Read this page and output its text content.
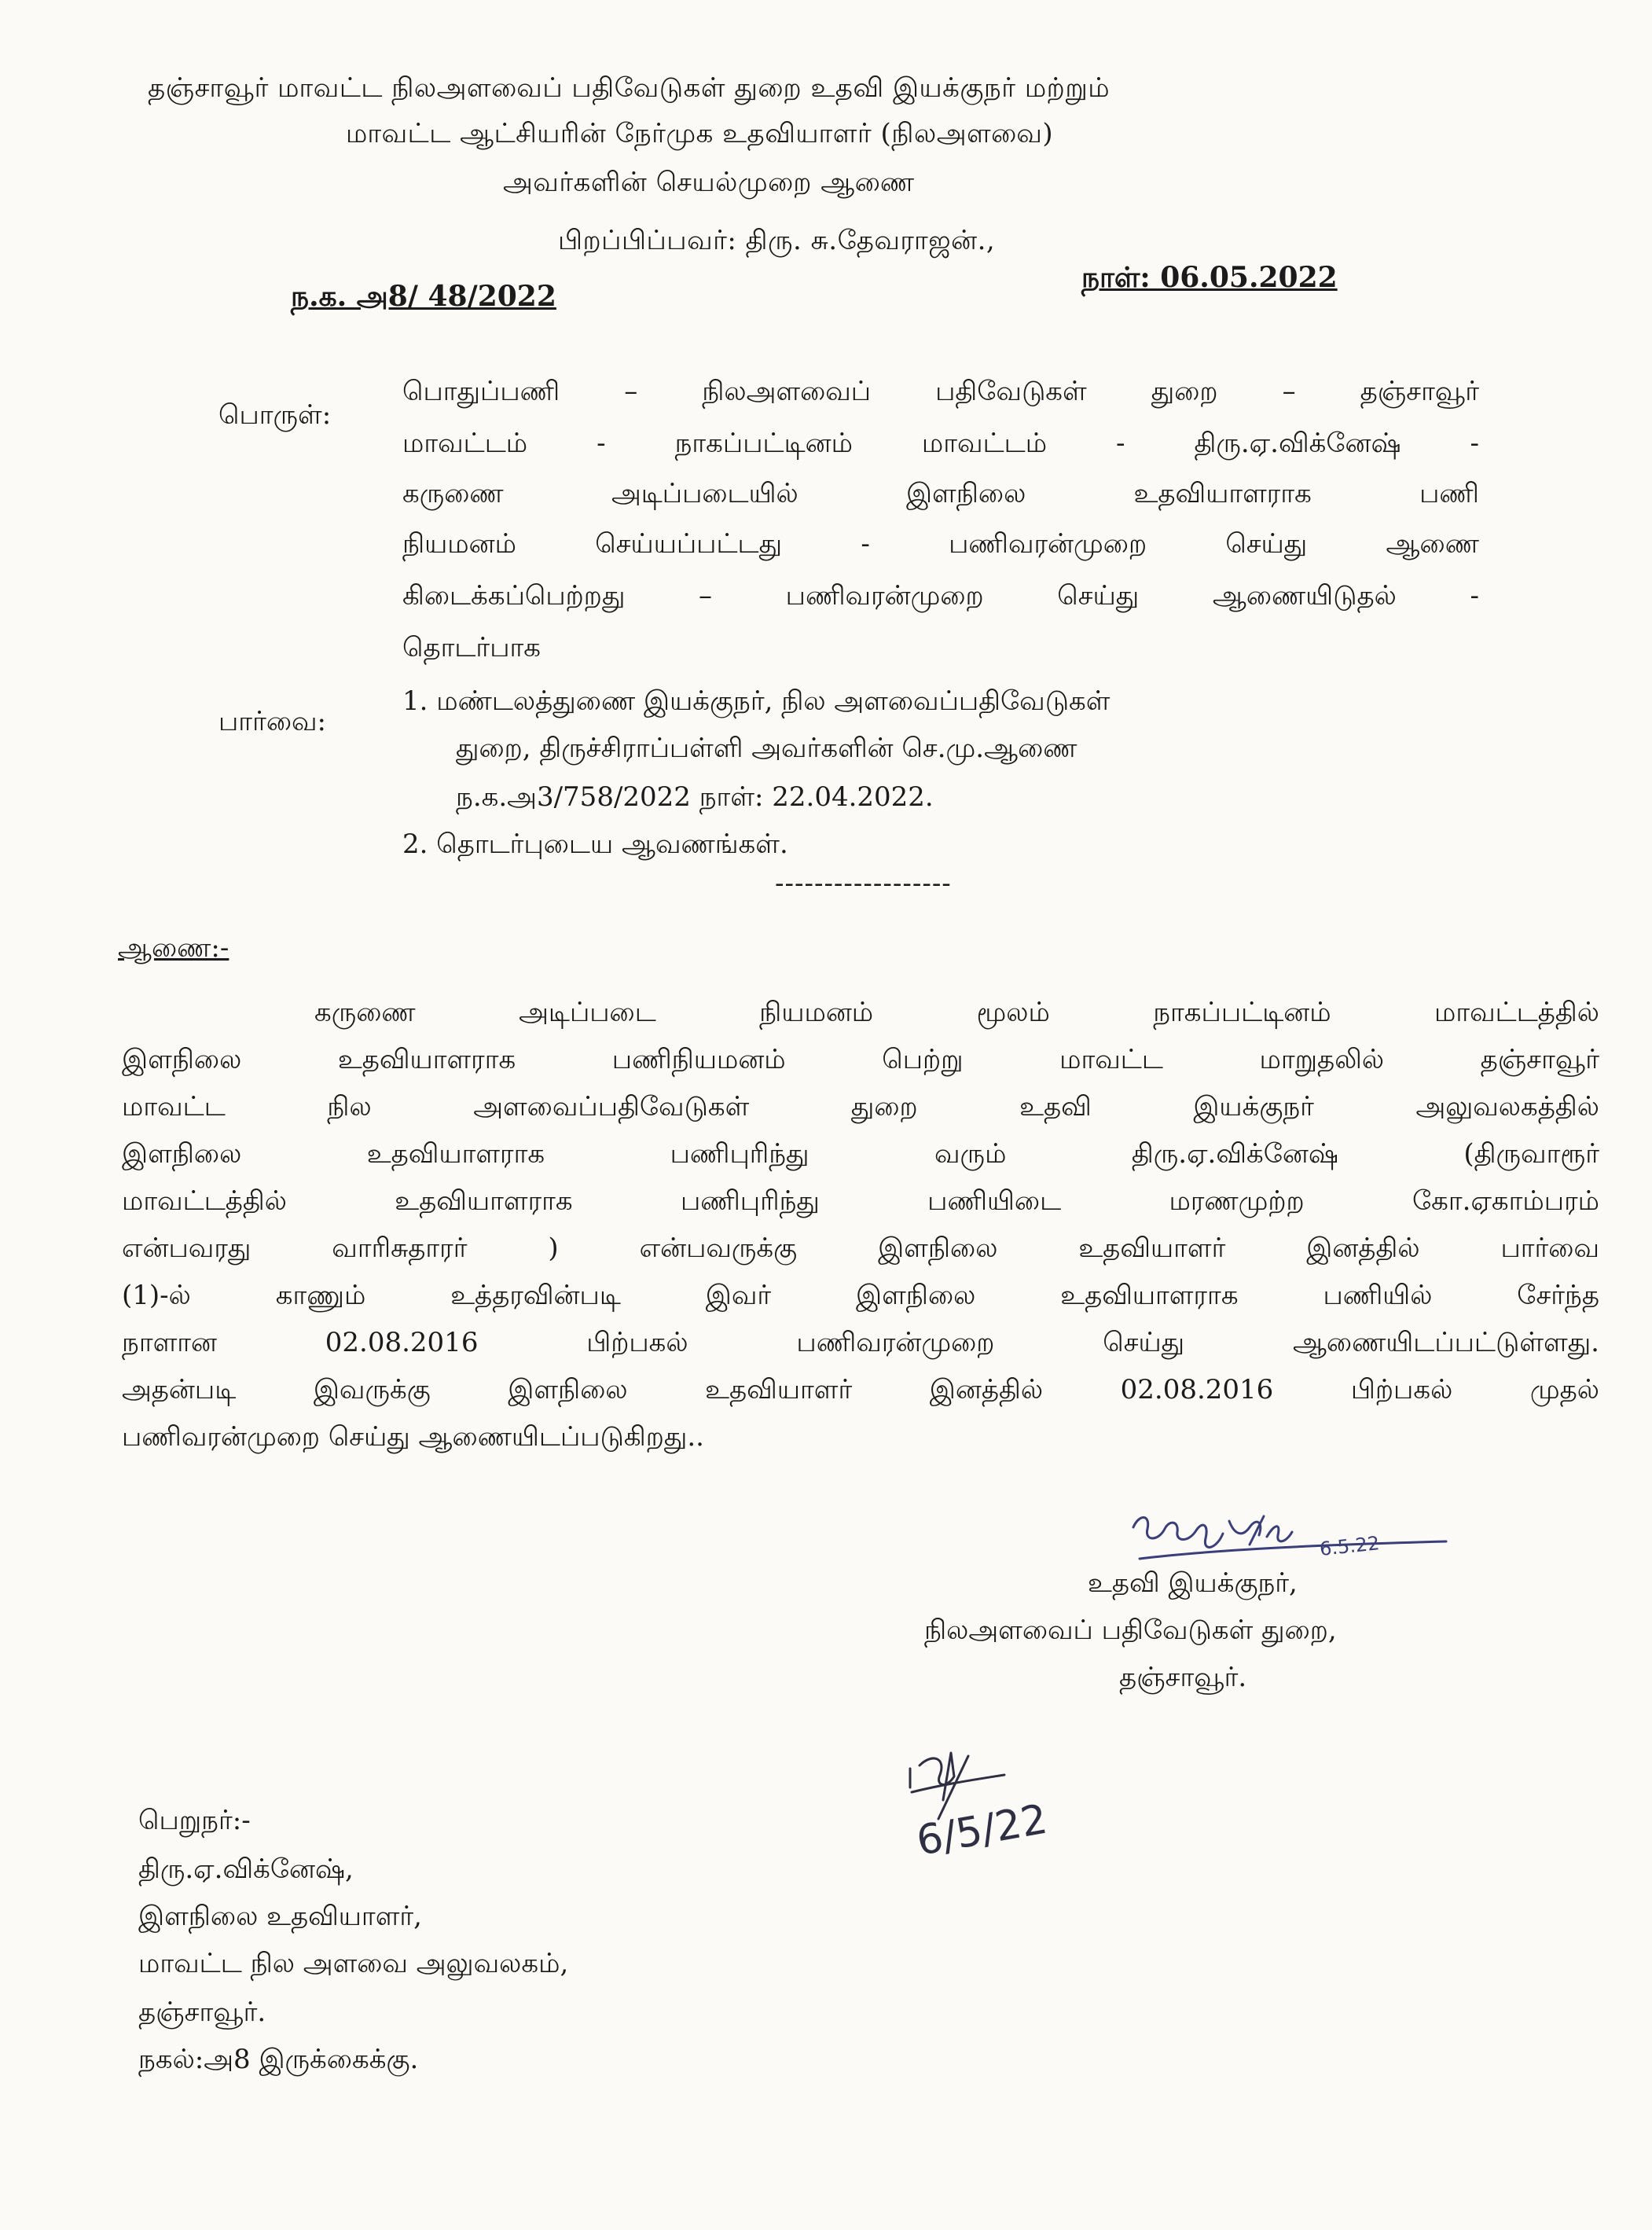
தஞ்சாவூர் மாவட்ட நிலஅளவைப் பதிவேடுகள் துறை உதவி இயக்குநர் மற்றும்
மாவட்ட ஆட்சியரின் நேர்முக உதவியாளர் (நிலஅளவை)
அவர்களின் செயல்முறை ஆணை
பிறப்பிப்பவர்: திரு. சு.தேவராஜன்.,
ந.க. அ8/ 48/2022
நாள்: 06.05.2022
பொருள்:
பொதுப்பணி – நிலஅளவைப் பதிவேடுகள் துறை – தஞ்சாவூர்
மாவட்டம் - நாகப்பட்டினம் மாவட்டம் - திரு.ஏ.விக்னேஷ் -
கருணை அடிப்படையில் இளநிலை உதவியாளராக பணி
நியமனம் செய்யப்பட்டது - பணிவரன்முறை செய்து ஆணை
கிடைக்கப்பெற்றது – பணிவரன்முறை செய்து ஆணையிடுதல் -
தொடர்பாக
பார்வை:
1. மண்டலத்துணை இயக்குநர், நில அளவைப்பதிவேடுகள்
துறை, திருச்சிராப்பள்ளி அவர்களின் செ.மு.ஆணை
ந.க.அ3/758/2022 நாள்: 22.04.2022.
2. தொடர்புடைய ஆவணங்கள்.
------------------
ஆணை:-
கருணை அடிப்படை நியமனம் மூலம் நாகப்பட்டினம் மாவட்டத்தில்
இளநிலை உதவியாளராக பணிநியமனம் பெற்று மாவட்ட மாறுதலில் தஞ்சாவூர்
மாவட்ட நில அளவைப்பதிவேடுகள் துறை உதவி இயக்குநர் அலுவலகத்தில்
இளநிலை உதவியாளராக பணிபுரிந்து வரும் திரு.ஏ.விக்னேஷ் (திருவாரூர்
மாவட்டத்தில் உதவியாளராக பணிபுரிந்து பணியிடை மரணமுற்ற கோ.ஏகாம்பரம்
என்பவரது வாரிசுதாரர் ) என்பவருக்கு இளநிலை உதவியாளர் இனத்தில் பார்வை
(1)-ல் காணும் உத்தரவின்படி இவர் இளநிலை உதவியாளராக பணியில் சேர்ந்த
நாளான 02.08.2016 பிற்பகல் பணிவரன்முறை செய்து ஆணையிடப்பட்டுள்ளது.
அதன்படி இவருக்கு இளநிலை உதவியாளர் இனத்தில் 02.08.2016 பிற்பகல் முதல்
பணிவரன்முறை செய்து ஆணையிடப்படுகிறது..
6.5.22
உதவி இயக்குநர்,
நிலஅளவைப் பதிவேடுகள் துறை,
தஞ்சாவூர்.
6/5/22
பெறுநர்:-
திரு.ஏ.விக்னேஷ்,
இளநிலை உதவியாளர்,
மாவட்ட நில அளவை அலுவலகம்,
தஞ்சாவூர்.
நகல்:அ8 இருக்கைக்கு.
